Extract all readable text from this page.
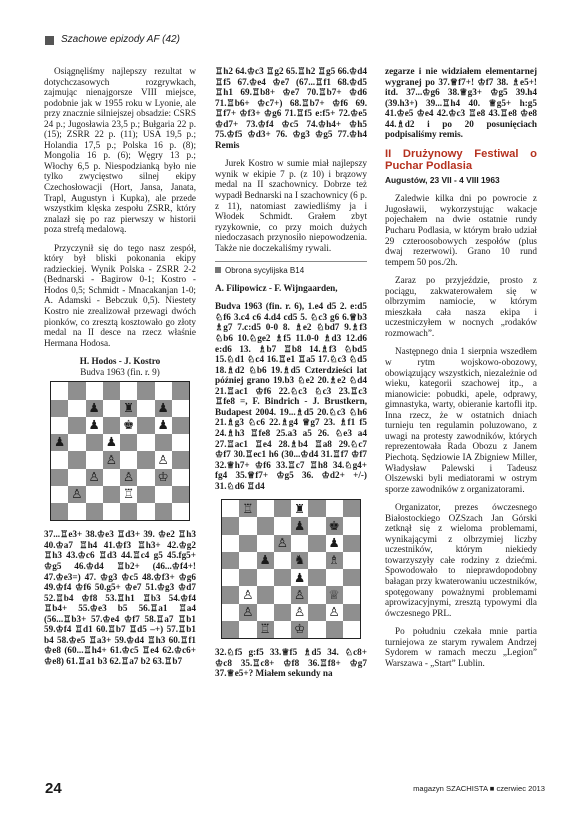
Szachowe epizody AF (42)

Osiągnęliśmy najlepszy rezultat w dotychczasowych rozgrywkach, zajmując nienajgorsze VIII miejsce, podobnie jak w 1955 roku w Lyonie, ale przy znacznie silniejszej obsadzie: CSRS 24 p.; Jugosławia 23,5 p.; Bułgaria 22 p. (15); ZSRR 22 p. (11); USA 19,5 p.; Holandia 17,5 p.; Polska 16 p. (8); Mongolia 16 p. (6); Węgry 13 p.; Włochy 6,5 p. Niespodzianką było nie tylko zwycięstwo silnej ekipy Czechosłowacji (Hort, Jansa, Janata, Trapl, Augustyn i Kupka), ale przede wszystkim klęska zespołu ZSRR, który znalazł się po raz pierwszy w historii poza strefą medalową.

Przyczynił się do tego nasz zespół, który był bliski pokonania ekipy radzieckiej. Wynik Polska - ZSRR 2-2 (Bednarski - Bagirow 0-1; Kostro - Hodos 0,5; Schmidt - Mnacakanjan 1-0; A. Adamski - Bebczuk 0,5). Niestety Kostro nie zrealizował przewagi dwóch pionków, co zresztą kosztowało go złoty medal na II desce na rzecz właśnie Hermana Hodosa.

H. Hodos - J. Kostro
Budva 1963 (fin. r. 9)
♟ ♜ ♟
♟ ♚ ♟
♟	♟
♙	♙
♙ ♙ ♔
♙	♖

37...♖e3+ 38.♔e3 ♖d3+ 39. ♔e2 ♖h3 40.♔a7 ♖h4 41.♔f3 ♖h3+ 42.♔g2 ♖h3 43.♔c6 ♖d3 44.♖c4 g5 45.fg5+ ♔g5 46.♔d4 ♖b2+ (46...♔f4+! 47.♔e3=) 47. ♔g3 ♔c5 48.♔f3+ ♔g6 49.♔f4 ♔f6 50.g5+ ♔e7 51.♔g3 ♔d7 52.♖b4 ♔f8 53.♖h1 ♖b3 54.♔f4 ♖b4+ 55.♔e3 b5 56.♖a1 ♖a4 (56...♖b3+ 57.♔e4 ♔f7 58.♖a7 ♖b1 59.♔f4 ♖d1 60.♖b7 ♖d5 –+) 57.♖b1 b4 58.♔e5 ♖a3+ 59.♔d4 ♖h3 60.♖f1 ♔e8 (60...♖h4+ 61.♔c5 ♖e4 62.♔c6+ ♔e8) 61.♖a1 b3 62.♖a7 b2 63.♖b7

♖h2 64.♔c3 ♖g2 65.♖h2 ♖g5 66.♔d4 ♖f5 67.♔e4 ♔e7 (67...♖f1 68.♔d5 ♖h1 69.♖b8+ ♔e7 70.♖b7+ ♔d6 71.♖b6+ ♔c7+) 68.♖b7+ ♔f6 69. ♖f7+ ♔f3+ ♔g6 71.♖f5 e:f5+ 72.♔e5 ♔d7+ 73.♔f4 ♔c5 74.♔h4+ ♔h5 75.♔f5 ♔d3+ 76. ♔g3 ♔g5 77.♔h4 Remis

Jurek Kostro w sumie miał najlepszy wynik w ekipie 7 p. (z 10) i brązowy medal na II szachownicy. Dobrze też wypadł Bednarski na I szachownicy (6 p. z 11), natomiast zawiedliśmy ja i Włodek Schmidt. Grałem zbyt ryzykownie, co przy moich dużych niedoczasach przynosiło niepowodzenia. Także nie doczekaliśmy rywali.

Obrona sycylijska B14

A. Filipowicz - F. Wijngaarden,

Budva 1963 (fin. r. 6), 1.e4 d5 2. e:d5 ♘f6 3.c4 c6 4.d4 cd5 5. ♘c3 g6 6.♕b3 ♗g7 7.c:d5 0-0 8. ♗e2 ♘bd7 9.♗f3 ♘b6 10.♘ge2 ♗f5 11.0-0 ♗d3 12.d6 e:d6 13. ♗b7 ♖b8 14.♗f3 ♘bd5 15.♘d1 ♘c4 16.♖e1 ♖a5 17.♘c3 ♘d5 18.♗d2 ♘b6 19.♗d5 Czterdzieści lat później grano 19.b3 ♘e2 20.♗e2 ♘d4 21.♖ac1 ♔f6 22.♘c3 ♘c3 23.♖c3 ♖fe8 =, F. Bindrich - J. Brustkern, Budapest 2004. 19...♗d5 20.♘c3 ♘h6 21.♗g3 ♘c6 22.♗g4 ♕g7 23. ♗f1 f5 24.♗h3 ♖fe8 25.a3 a5 26. ♘e3 a4 27.♖ac1 ♖e4 28.♗b4 ♖a8 29.♘c7 ♔f7 30.♖ec1 h6 (30...♔d4 31.♖f7 ♔f7 32.♕h7+ ♔f6 33.♖c7 ♖h8 34.♘g4+ fg4 35.♕f7+ ♔g5 36. ♔d2+ +/-) 31.♘d6 ♖d4

♖	♜
♟ ♚
♙	♟
♟ ♞ ♗
♟
♙	♙ ♕
♙	♙ ♙
♖ ♔

32.♘f5 g:f5 33.♕f5 ♗d5 34. ♘c8+ ♔c8 35.♖c8+ ♔f8 36.♖f8+ ♔g7 37.♕e5+? Miałem sekundy na

zegarze i nie widziałem elementarnej wygranej po 37.♕f7+! ♔f7 38. ♗e5+! itd. 37...♔g6 38.♕g3+ ♔g5 39.h4 (39.h3+) 39...♖h4 40. ♕g5+ h:g5 41.♔e5 ♔e4 42.♔c3 ♖e8 43.♖e8 ♔e8 44.♗d2 i po 20 posunięciach podpisaliśmy remis.

II Drużynowy Festiwal o Puchar Podlasia
Augustów, 23 VII - 4 VIII 1963

Zaledwie kilka dni po powrocie z Jugosławii, wykorzystując wakacje pojechałem na dwie ostatnie rundy Pucharu Podlasia, w którym brało udział 29 czteroosobowych zespołów (plus dwaj rezerwowi). Grano 10 rund tempem 50 pos./2h.

Zaraz po przyjeździe, prosto z pociągu, zakwaterowałem się w olbrzymim namiocie, w którym mieszkała cała nasza ekipa i uczestniczyłem w nocnych „rodaków rozmowach”.

Następnego dnia 1 sierpnia wszedłem w rytm wojskowo-obozowy, obowiązujący wszystkich, niezależnie od wieku, kategorii szachowej itp., a mianowicie: pobudki, apele, odprawy, gimnastyka, warty, obieranie kartofli itp. Inna rzecz, że w ostatnich dniach turnieju ten regulamin poluzowano, z uwagi na protesty zawodników, których reprezentowała Rada Obozu z Janem Piechotą. Sędziowie IA Zbigniew Miller, Władysław Palewski i Tadeusz Olszewski byli mediatorami w ostrym sporze zawodników z organizatorami.

Organizator, prezes ówczesnego Białostockiego OZSzach Jan Górski zetknął się z wieloma problemami, wynikającymi z olbrzymiej liczby uczestników, którym niekiedy towarzyszyły całe rodziny z dziećmi. Spowodowało to nieprawdopodobny bałagan przy kwaterowaniu uczestników, spotęgowany poważnymi problemami aprowizacyjnymi, zresztą typowymi dla ówczesnego PRL.

Po południu czekała mnie partia turniejowa ze starym rywalem Andrzej Sydorem w ramach meczu „Legion” Warszawa - „Start” Lublin.

24	magazyn SZACHISTA ■ czerwiec 2013
